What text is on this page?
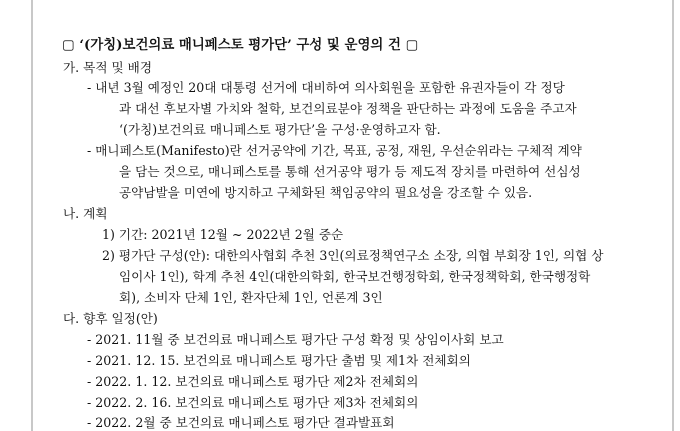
▢ ‘(가칭)보건의료 매니페스토 평가단’ 구성 및 운영의 건 ▢
가. 목적 및 배경
- 내년 3월 예정인 20대 대통령 선거에 대비하여 의사회원을 포함한 유권자들이 각 정당
과 대선 후보자별 가치와 철학, 보건의료분야 정책을 판단하는 과정에 도움을 주고자
‘(가칭)보건의료 매니페스토 평가단’을 구성·운영하고자 함.
- 매니페스토(Manifesto)란 선거공약에 기간, 목표, 공정, 재원, 우선순위라는 구체적 계약
을 담는 것으로, 매니페스토를 통해 선거공약 평가 등 제도적 장치를 마련하여 선심성
공약남발을 미연에 방지하고 구체화된 책임공약의 필요성을 강조할 수 있음.
나. 계획
1) 기간: 2021년 12월 ~ 2022년 2월 중순
2) 평가단 구성(안): 대한의사협회 추천 3인(의료정책연구소 소장, 의협 부회장 1인, 의협 상
임이사 1인), 학계 추천 4인(대한의학회, 한국보건행정학회, 한국정책학회, 한국행정학
회), 소비자 단체 1인, 환자단체 1인, 언론계 3인
다. 향후 일정(안)
- 2021. 11월 중 보건의료 매니페스토 평가단 구성 확정 및 상임이사회 보고
- 2021. 12. 15. 보건의료 매니페스토 평가단 출범 및 제1차 전체회의
- 2022. 1. 12. 보건의료 매니페스토 평가단 제2차 전체회의
- 2022. 2. 16. 보건의료 매니페스토 평가단 제3차 전체회의
- 2022. 2월 중 보건의료 매니페스토 평가단 결과발표회
